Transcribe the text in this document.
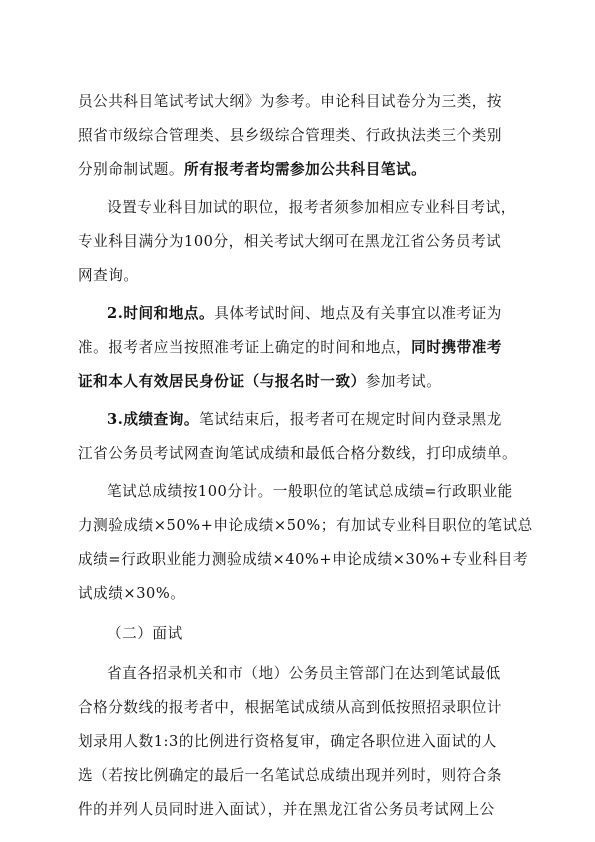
员公共科目笔试考试大纲》为参考。申论科目试卷分为三类，按
照省市级综合管理类、县乡级综合管理类、行政执法类三个类别
分别命制试题。所有报考者均需参加公共科目笔试。
设置专业科目加试的职位，报考者须参加相应专业科目考试，
专业科目满分为100分，相关考试大纲可在黑龙江省公务员考试
网查询。
2.时间和地点。具体考试时间、地点及有关事宜以准考证为
准。报考者应当按照准考证上确定的时间和地点，同时携带准考
证和本人有效居民身份证（与报名时一致）参加考试。
3.成绩查询。笔试结束后，报考者可在规定时间内登录黑龙
江省公务员考试网查询笔试成绩和最低合格分数线，打印成绩单。
笔试总成绩按100分计。一般职位的笔试总成绩=行政职业能
力测验成绩×50%+申论成绩×50%；有加试专业科目职位的笔试总
成绩=行政职业能力测验成绩×40%+申论成绩×30%+专业科目考
试成绩×30%。
（二）面试
省直各招录机关和市（地）公务员主管部门在达到笔试最低
合格分数线的报考者中，根据笔试成绩从高到低按照招录职位计
划录用人数1:3的比例进行资格复审，确定各职位进入面试的人
选（若按比例确定的最后一名笔试总成绩出现并列时，则符合条
件的并列人员同时进入面试），并在黑龙江省公务员考试网上公
